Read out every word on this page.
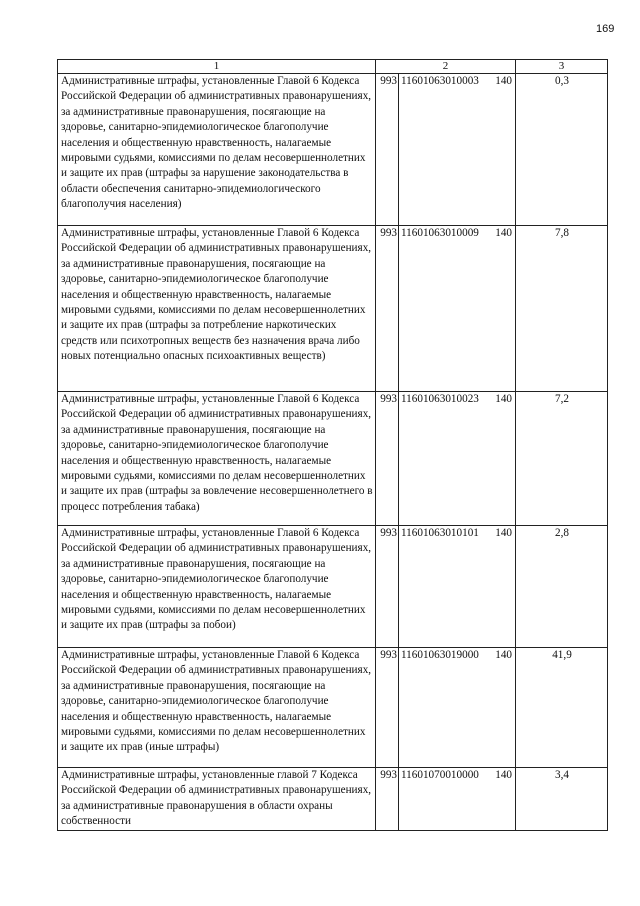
169
1	2		3
Административные штрафы, установленные Главой 6 Кодекса Российской Федерации об административных правонарушениях, за административные правонарушения, посягающие на здоровье, санитарно-эпидемиологическое благополучие населения и общественную нравственность, налагаемые мировыми судьями, комиссиями по делам несовершеннолетних и защите их прав (штрафы за нарушение законодательства в области обеспечения санитарно-эпидемиологического благополучия населения)	993	11601063010003 140	0,3
Административные штрафы, установленные Главой 6 Кодекса Российской Федерации об административных правонарушениях, за административные правонарушения, посягающие на здоровье, санитарно-эпидемиологическое благополучие населения и общественную нравственность, налагаемые мировыми судьями, комиссиями по делам несовершеннолетних и защите их прав (штрафы за потребление наркотических средств или психотропных веществ без назначения врача либо новых потенциально опасных психоактивных веществ)	993	11601063010009 140	7,8
Административные штрафы, установленные Главой 6 Кодекса Российской Федерации об административных правонарушениях, за административные правонарушения, посягающие на здоровье, санитарно-эпидемиологическое благополучие населения и общественную нравственность, налагаемые мировыми судьями, комиссиями по делам несовершеннолетних и защите их прав (штрафы за вовлечение несовершеннолетнего в процесс потребления табака)	993	11601063010023 140	7,2
Административные штрафы, установленные Главой 6 Кодекса Российской Федерации об административных правонарушениях, за административные правонарушения, посягающие на здоровье, санитарно-эпидемиологическое благополучие населения и общественную нравственность, налагаемые мировыми судьями, комиссиями по делам несовершеннолетних и защите их прав (штрафы за побои)	993	11601063010101 140	2,8
Административные штрафы, установленные Главой 6 Кодекса Российской Федерации об административных правонарушениях, за административные правонарушения, посягающие на здоровье, санитарно-эпидемиологическое благополучие населения и общественную нравственность, налагаемые мировыми судьями, комиссиями по делам несовершеннолетних и защите их прав (иные штрафы)	993	11601063019000 140	41,9
Административные штрафы, установленные главой 7 Кодекса Российской Федерации об административных правонарушениях, за административные правонарушения в области охраны собственности	993	11601070010000 140	3,4
